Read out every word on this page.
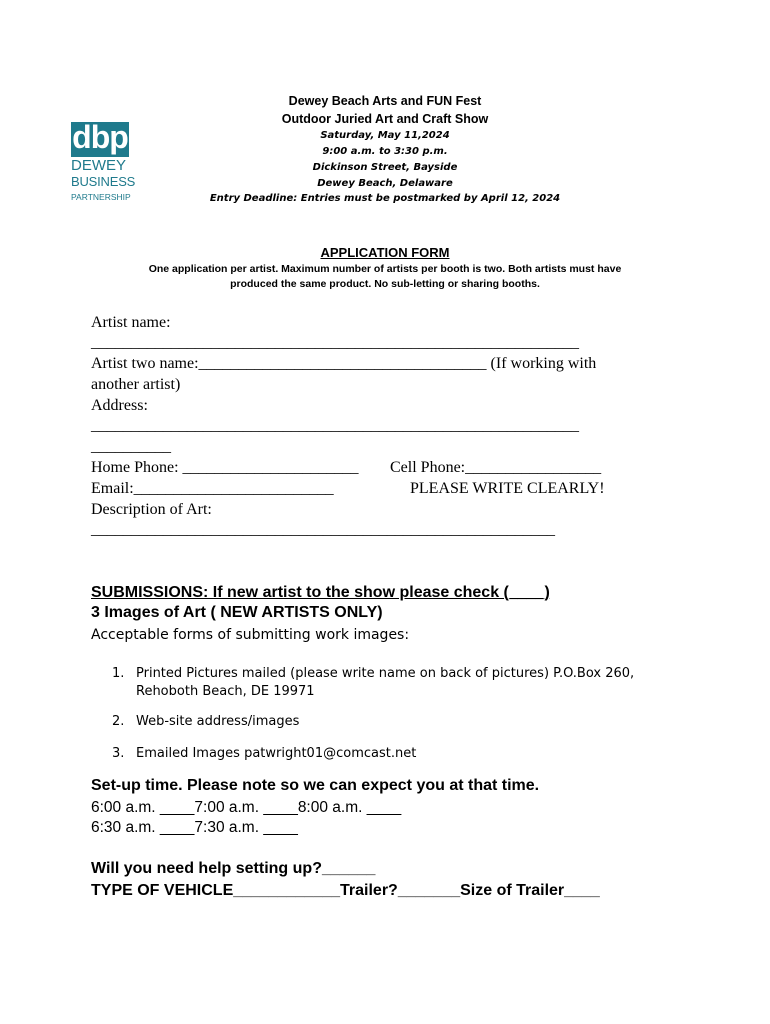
dbp
DEWEY
BUSINESS
PARTNERSHIP
Dewey Beach Arts and FUN Fest
Outdoor Juried Art and Craft Show
Saturday, May 11,2024
9:00 a.m. to 3:30 p.m.
Dickinson Street, Bayside
Dewey Beach, Delaware
Entry Deadline: Entries must be postmarked by April 12, 2024
APPLICATION FORM
One application per artist. Maximum number of artists per booth is two. Both artists must have
produced the same product. No sub-letting or sharing booths.
Artist name:
_____________________________________________________________
Artist two name:____________________________________ (If working with
another artist)
Address:
_____________________________________________________________
__________
Home Phone: ______________________ Cell Phone:_________________
Email:_________________________	PLEASE WRITE CLEARLY!
Description of Art:
__________________________________________________________
SUBMISSIONS: If new artist to the show please check (____)
3 Images of Art ( NEW ARTISTS ONLY)
Acceptable forms of submitting work images:
1. Printed Pictures mailed (please write name on back of pictures) P.O.Box 260,
Rehoboth Beach, DE 19971
2. Web-site address/images
3. Emailed Images patwright01@comcast.net
Set-up time. Please note so we can expect you at that time.
6:00 a.m. ____7:00 a.m. ____8:00 a.m. ____
6:30 a.m. ____7:30 a.m. ____
Will you need help setting up?______
TYPE OF VEHICLE____________Trailer?_______Size of Trailer____
